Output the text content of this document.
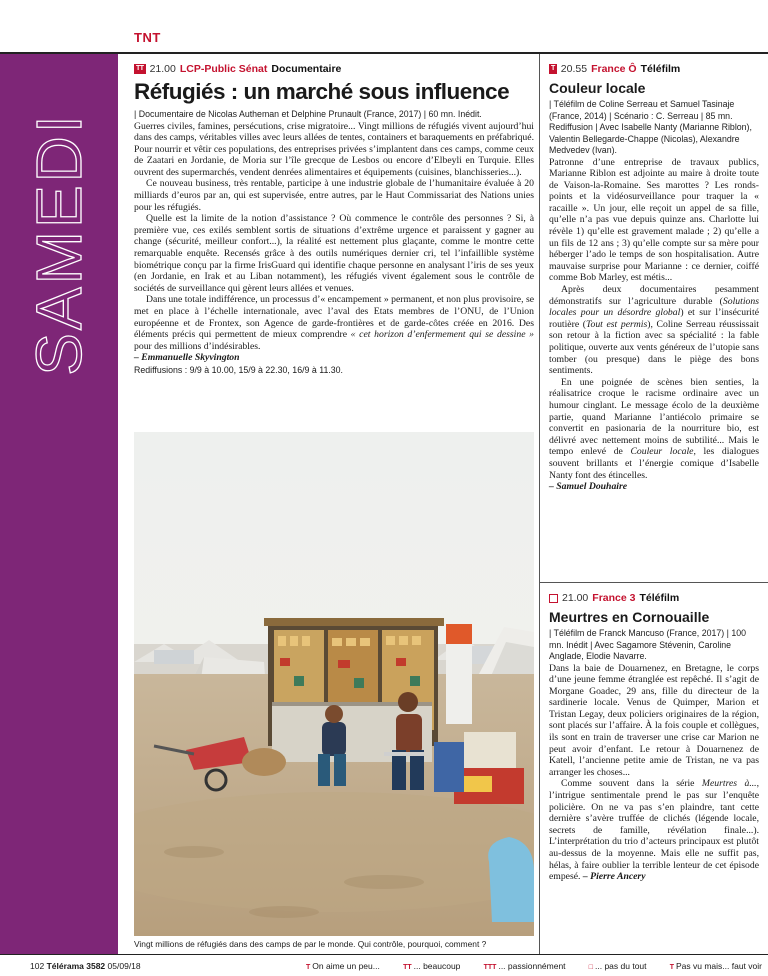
TNT
SAMEDI
TT 21.00 LCP-Public Sénat Documentaire
Réfugiés : un marché sous influence
| Documentaire de Nicolas Autheman et Delphine Prunault (France, 2017) | 60 mn. Inédit.

Guerres civiles, famines, persécutions, crise migratoire... Vingt millions de réfugiés vivent aujourd’hui dans des camps, véritables villes avec leurs allées de tentes, containers et baraquements en préfabriqué. Pour nourrir et vêtir ces populations, des entreprises privées s’implantent dans ces camps, comme ceux de Zaatari en Jordanie, de Moria sur l’île grecque de Lesbos ou encore d’Elbeyli en Turquie. Elles ouvrent des supermarchés, vendent denrées alimentaires et équipements (cuisines, blanchisseries...).

Ce nouveau business, très rentable, participe à une industrie globale de l’humanitaire évaluée à 20 milliards d’euros par an, qui est supervisée, entre autres, par le Haut Commissariat des Nations unies pour les réfugiés.

Quelle est la limite de la notion d’assistance ? Où commence le contrôle des personnes ? Si, à première vue, ces exilés semblent sortis de situations d’extrême urgence et paraissent y gagner au change (sécurité, meilleur confort...), la réalité est nettement plus glaçante, comme le montre cette remarquable enquête. Recensés grâce à des outils numériques dernier cri, tel l’infaillible système biométrique conçu par la firme IrisGuard qui identifie chaque personne en analysant l’iris de ses yeux (en Jordanie, en Irak et au Liban notamment), les réfugiés vivent également sous le contrôle de sociétés de surveillance qui gèrent leurs allées et venues.

Dans une totale indifférence, un processus d’« encampement » permanent, et non plus provisoire, se met en place à l’échelle internationale, avec l’aval des Etats membres de l’ONU, de l’Union européenne et de Frontex, son Agence de garde-frontières et de garde-côtes créée en 2016. Des éléments précis qui permettent de mieux comprendre « cet horizon d’enfermement qui se dessine » pour des millions d’indésirables.

– Emmanuelle Skyvington
Rediffusions : 9/9 à 10.00, 15/9 à 22.30, 16/9 à 11.30.
Vingt millions de réfugiés dans des camps de par le monde. Qui contrôle, pourquoi, comment ?
T 20.55 France Ô Téléfilm
Couleur locale
| Téléfilm de Coline Serreau et Samuel Tasinaje (France, 2014) | Scénario : C. Serreau | 85 mn. Rediffusion | Avec Isabelle Nanty (Marianne Riblon), Valentin Bellegarde-Chappe (Nicolas), Alexandre Medvedev (Ivan).

Patronne d’une entreprise de travaux publics, Marianne Riblon est adjointe au maire à droite toute de Vaison-la-Romaine. Ses marottes ? Les ronds-points et la vidéosurveillance pour traquer la « racaille ». Un jour, elle reçoit un appel de sa fille, qu’elle n’a pas vue depuis quinze ans. Charlotte lui révèle 1) qu’elle est gravement malade ; 2) qu’elle a un fils de 12 ans ; 3) qu’elle compte sur sa mère pour héberger l’ado le temps de son hospitalisation. Autre mauvaise surprise pour Marianne : ce dernier, coiffé comme Bob Marley, est métis...

Après deux documentaires pesamment démonstratifs sur l’agriculture durable (Solutions locales pour un désordre global) et sur l’insécurité routière (Tout est permis), Coline Serreau réussissait son retour à la fiction avec sa spécialité : la fable politique, ouverte aux vents généreux de l’utopie sans tomber (ou presque) dans le piège des bons sentiments.

En une poignée de scènes bien senties, la réalisatrice croque le racisme ordinaire avec un humour cinglant. Le message écolo de la deuxième partie, quand Marianne l’antiécolo primaire se convertit en pasionaria de la nourriture bio, est délivré avec nettement moins de subtilité... Mais le tempo enlevé de Couleur locale, les dialogues souvent brillants et l’énergie comique d’Isabelle Nanty font des étincelles.

– Samuel Douhaire
21.00 France 3 Téléfilm
Meurtres en Cornouaille
| Téléfilm de Franck Mancuso (France, 2017) | 100 mn. Inédit | Avec Sagamore Stévenin, Caroline Anglade, Elodie Navarre.

Dans la baie de Douarnenez, en Bretagne, le corps d’une jeune femme étranglée est repêché. Il s’agit de Morgane Goadec, 29 ans, fille du directeur de la sardinerie locale. Venus de Quimper, Marion et Tristan Legay, deux policiers originaires de la région, sont placés sur l’affaire. À la fois couple et collègues, ils sont en train de traverser une crise car Marion ne peut avoir d’enfant. Le retour à Douarnenez de Katell, l’ancienne petite amie de Tristan, ne va pas arranger les choses...

Comme souvent dans la série Meurtres à..., l’intrigue sentimentale prend le pas sur l’enquête policière. On ne va pas s’en plaindre, tant cette dernière s’avère truffée de clichés (légende locale, secrets de famille, révélation finale...). L’interprétation du trio d’acteurs principaux est plutôt au-dessus de la moyenne. Mais elle ne suffit pas, hélas, à faire oublier la terrible lenteur de cet épisode empesé. – Pierre Ancery

102 Télérama 3582 05/09/18	T On aime un peu...	TT ... beaucoup	TTT ... passionnément	□ ... pas du tout	T Pas vu mais... faut voir
